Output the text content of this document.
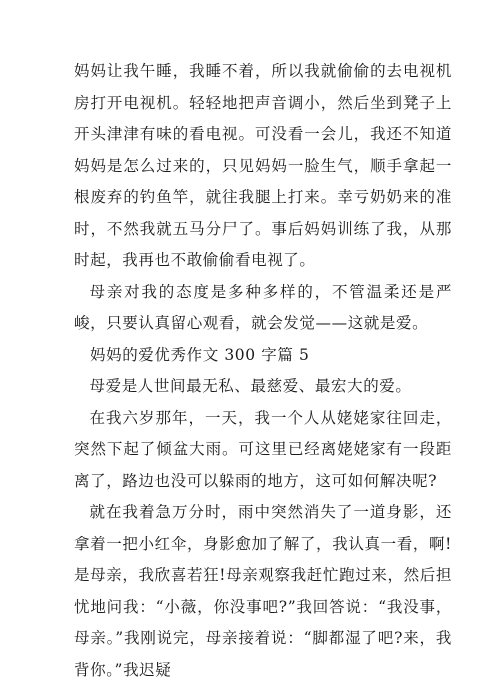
妈妈让我午睡，我睡不着，所以我就偷偷的去电视机房打开电视机。轻轻地把声音调小，然后坐到凳子上开头津津有味的看电视。可没看一会儿，我还不知道妈妈是怎么过来的，只见妈妈一脸生气，顺手拿起一根废弃的钓鱼竿，就往我腿上打来。幸亏奶奶来的准时，不然我就五马分尸了。事后妈妈训练了我，从那时起，我再也不敢偷偷看电视了。

母亲对我的态度是多种多样的，不管温柔还是严峻，只要认真留心观看，就会发觉——这就是爱。

妈妈的爱优秀作文 300 字篇 5

母爱是人世间最无私、最慈爱、最宏大的爱。

在我六岁那年，一天，我一个人从姥姥家往回走，突然下起了倾盆大雨。可这里已经离姥姥家有一段距离了，路边也没可以躲雨的地方，这可如何解决呢?

就在我着急万分时，雨中突然消失了一道身影，还拿着一把小红伞，身影愈加了解了，我认真一看，啊!是母亲，我欣喜若狂!母亲观察我赶忙跑过来，然后担忧地问我：“小薇，你没事吧?”我回答说：“我没事，母亲。”我刚说完，母亲接着说：“脚都湿了吧?来，我背你。”我迟疑
